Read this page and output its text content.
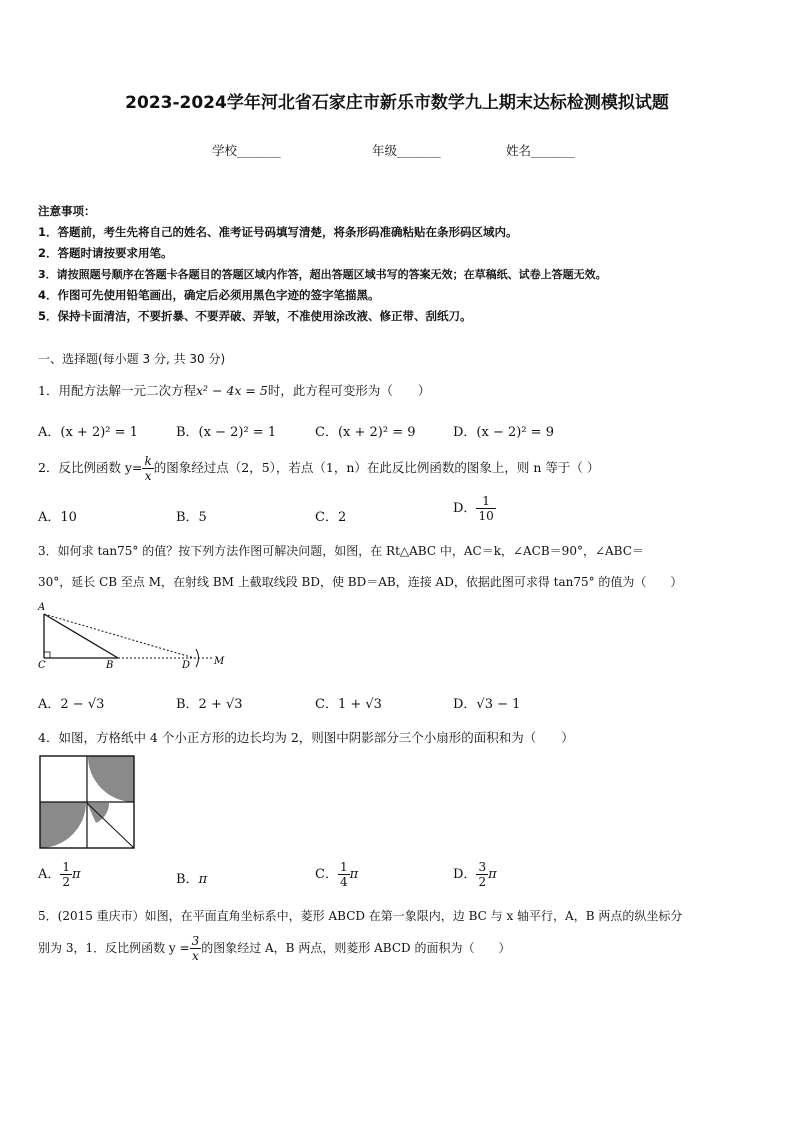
2023-2024学年河北省石家庄市新乐市数学九上期末达标检测模拟试题
学校_______	年级_______	姓名_______
注意事项：
1．答题前，考生先将自己的姓名、准考证号码填写清楚，将条形码准确粘贴在条形码区域内。
2．答题时请按要求用笔。
3．请按照题号顺序在答题卡各题目的答题区域内作答，超出答题区域书写的答案无效；在草稿纸、试卷上答题无效。
4．作图可先使用铅笔画出，确定后必须用黑色字迹的签字笔描黑。
5．保持卡面清洁，不要折暴、不要弄破、弄皱，不准使用涂改液、修正带、刮纸刀。
一、选择题(每小题 3 分, 共 30 分)
1．用配方法解一元二次方程x² − 4x = 5时，此方程可变形为（　　）
A．(x + 2)² = 1	B．(x − 2)² = 1	C．(x + 2)² = 9	D．(x − 2)² = 9
2．反比例函数 $y= \frac{k}{x}$ 的图象经过点（2，5），若点（1，n）在此反比例函数的图象上，则 n 等于（ ）
A．10	B．5	C．2
D． $\frac{1}{10}$
3．如何求 tan75° 的值？按下列方法作图可解决问题，如图，在 Rt△ABC 中，AC＝k，∠ACB＝90°，∠ABC＝
30°，延长 CB 至点 M，在射线 BM 上截取线段 BD，使 BD＝AB，连接 AD，依据此图可求得 tan75° 的值为（　　）
A
C	B	D M
A．2 − √3	B．2 + √3	C．1 + √3	D．√3 − 1
4．如图，方格纸中 4 个小正方形的边长均为 2，则图中阴影部分三个小扇形的面积和为（　　）
A． $\frac{1}{2}$ π	B．π	C． $\frac{1}{4}$ π	D． $\frac{3}{2}$ π
5．(2015 重庆市）如图，在平面直角坐标系中，菱形 ABCD 在第一象限内，边 BC 与 x 轴平行，A，B 两点的纵坐标分
别为 3，1．反比例函数 $y = \frac{3}{x}$ 的图象经过 A，B 两点，则菱形 ABCD 的面积为（　　）
